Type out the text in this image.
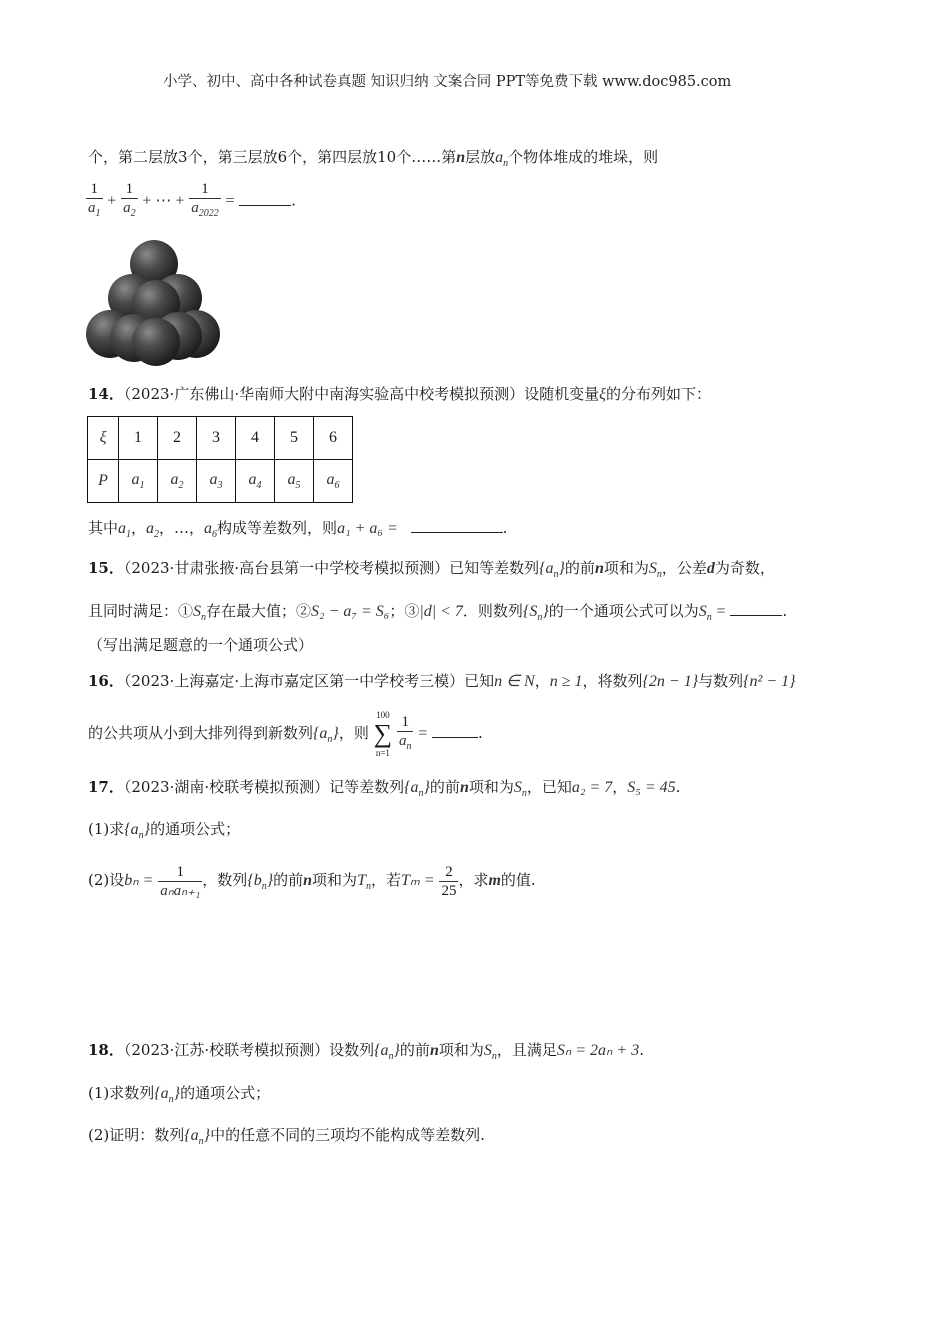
小学、初中、高中各种试卷真题 知识归纳 文案合同 PPT等免费下载 www.doc985.com
个，第二层放3个，第三层放6个，第四层放10个……第n层放$a_n$个物体堆成的堆垛，则
$\frac{1}{a_1} + \frac{1}{a_2}$ + ⋯ + $\frac{1}{a_{2022}}$ =	.
14．（2023·广东佛山·华南师大附中南海实验高中校考模拟预测）设随机变量ξ的分布列如下：
ξ	1	2	3	4	5	6
P	$a_1$	$a_2$	$a_3$	$a_4$	$a_5$	$a_6$
其中$a_1$，$a_2$，…，$a_6$构成等差数列，则a₁ + a₆ =	.
15．（2023·甘肃张掖·高台县第一中学校考模拟预测）已知等差数列$\{a_n\}$的前n项和为$S_n$，公差d为奇数，
且同时满足：$①S_n$存在最大值；②S₂ − a₇ = S₆；③|d| < 7．则数列$\{S_n\}$的一个通项公式可以为$S_n$ =	.
（写出满足题意的一个通项公式）
16．（2023·上海嘉定·上海市嘉定区第一中学校考三模）已知n ∈ N，n ≥ 1，将数列{2n − 1}与数列{n² − 1}
的公共项从小到大排列得到新数列$\{a_n\}$，则
100
∑
n=1
$\frac{1}{a_n}$ =	.
17．（2023·湖南·校联考模拟预测）记等差数列$\{a_n\}$的前n项和为$S_n$，已知a₂ = 7，S₅ = 45.
(1)求$\{a_n\}$的通项公式；
(2)设$b_n = \frac{1}{\text{aₙaₙ₊₁}}$ ，数列$\{b_n\}$的前n项和为$T_n$，若$T_m = \frac{2}{25}$ ，求m的值.
18．（2023·江苏·校联考模拟预测）设数列$\{a_n\}$的前n项和为$S_n$，且满足Sₙ = 2aₙ + 3.
(1)求数列$\{a_n\}$的通项公式；
(2)证明：数列$\{a_n\}$中的任意不同的三项均不能构成等差数列.
